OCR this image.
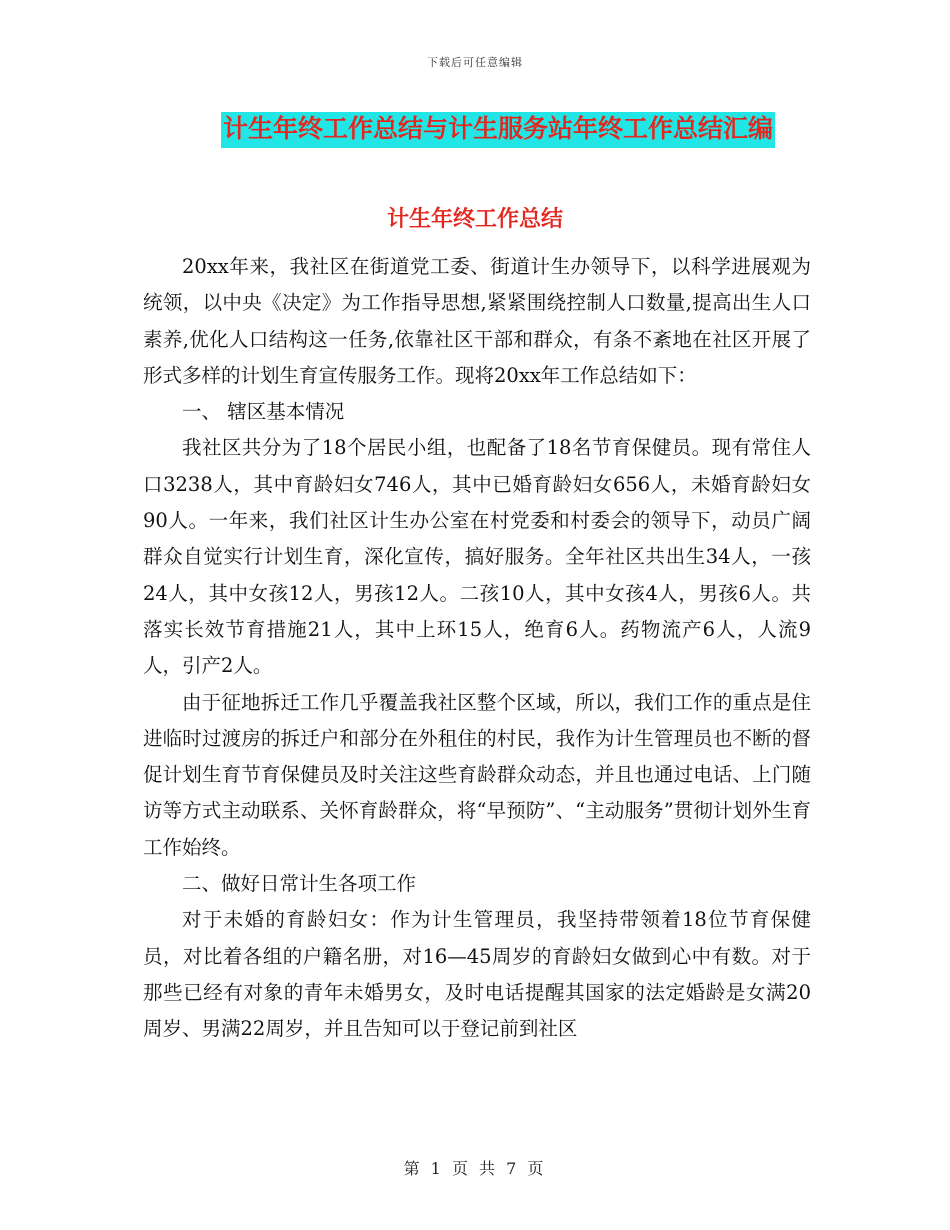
下载后可任意编辑
计生年终工作总结与计生服务站年终工作总结汇编
计生年终工作总结

20xx年来，我社区在街道党工委、街道计生办领导下，以科学进展观为统领，以中央《决定》为工作指导思想,紧紧围绕控制人口数量,提高出生人口素养,优化人口结构这一任务,依靠社区干部和群众，有条不紊地在社区开展了形式多样的计划生育宣传服务工作。现将20xx年工作总结如下：

一、 辖区基本情况

我社区共分为了18个居民小组，也配备了18名节育保健员。现有常住人口3238人，其中育龄妇女746人，其中已婚育龄妇女656人，未婚育龄妇女90人。一年来，我们社区计生办公室在村党委和村委会的领导下，动员广阔群众自觉实行计划生育，深化宣传，搞好服务。全年社区共出生34人，一孩24人，其中女孩12人，男孩12人。二孩10人，其中女孩4人，男孩6人。共落实长效节育措施21人，其中上环15人，绝育6人。药物流产6人，人流9人，引产2人。

由于征地拆迁工作几乎覆盖我社区整个区域，所以，我们工作的重点是住进临时过渡房的拆迁户和部分在外租住的村民，我作为计生管理员也不断的督促计划生育节育保健员及时关注这些育龄群众动态，并且也通过电话、上门随访等方式主动联系、关怀育龄群众，将“早预防”、“主动服务”贯彻计划外生育工作始终。

二、做好日常计生各项工作

对于未婚的育龄妇女：作为计生管理员，我坚持带领着18位节育保健员，对比着各组的户籍名册，对16—45周岁的育龄妇女做到心中有数。对于那些已经有对象的青年未婚男女，及时电话提醒其国家的法定婚龄是女满20周岁、男满22周岁，并且告知可以于登记前到社区

第 1 页 共 7 页
